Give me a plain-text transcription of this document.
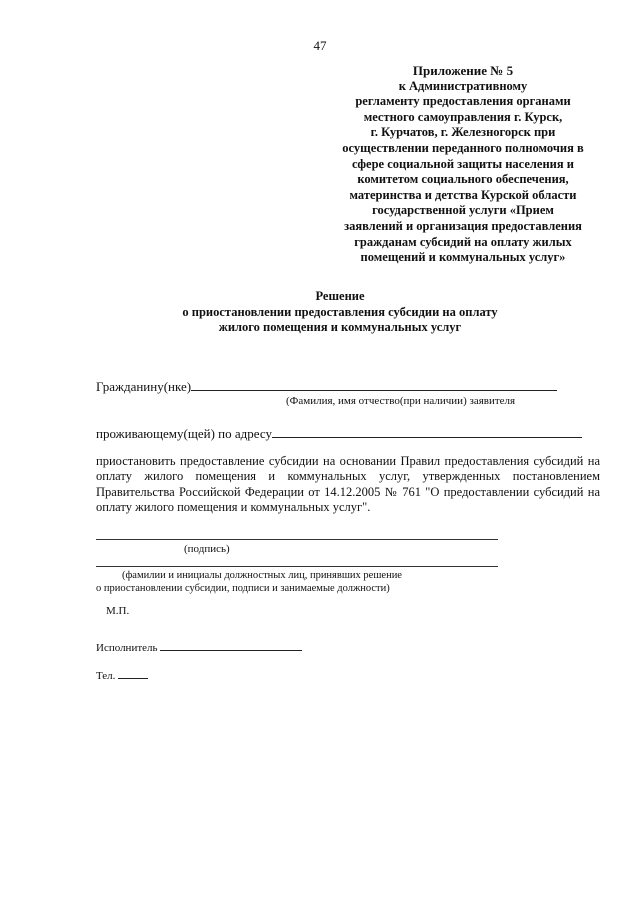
47
Приложение № 5
к Административному
регламенту предоставления органами
местного самоуправления г. Курск,
г. Курчатов, г. Железногорск при
осуществлении переданного полномочия в
сфере социальной защиты населения и
комитетом социального обеспечения,
материнства и детства Курской области
государственной услуги «Прием
заявлений и организация предоставления
гражданам субсидий на оплату жилых
помещений и коммунальных услуг»
Решение
о приостановлении предоставления субсидии на оплату
жилого помещения и коммунальных услуг
Гражданину(нке)
(Фамилия, имя отчество(при наличии) заявителя
проживающему(щей) по адресу
приостановить предоставление субсидии на основании Правил предоставления субсидий на оплату жилого помещения и коммунальных услуг, утвержденных постановлением Правительства Российской Федерации от 14.12.2005 № 761 "О предоставлении субсидий на оплату жилого помещения и коммунальных услуг".
(подпись)
(фамилии и инициалы должностных лиц, принявших решение
о приостановлении субсидии, подписи и занимаемые должности)
М.П.
Исполнитель
Тел.
